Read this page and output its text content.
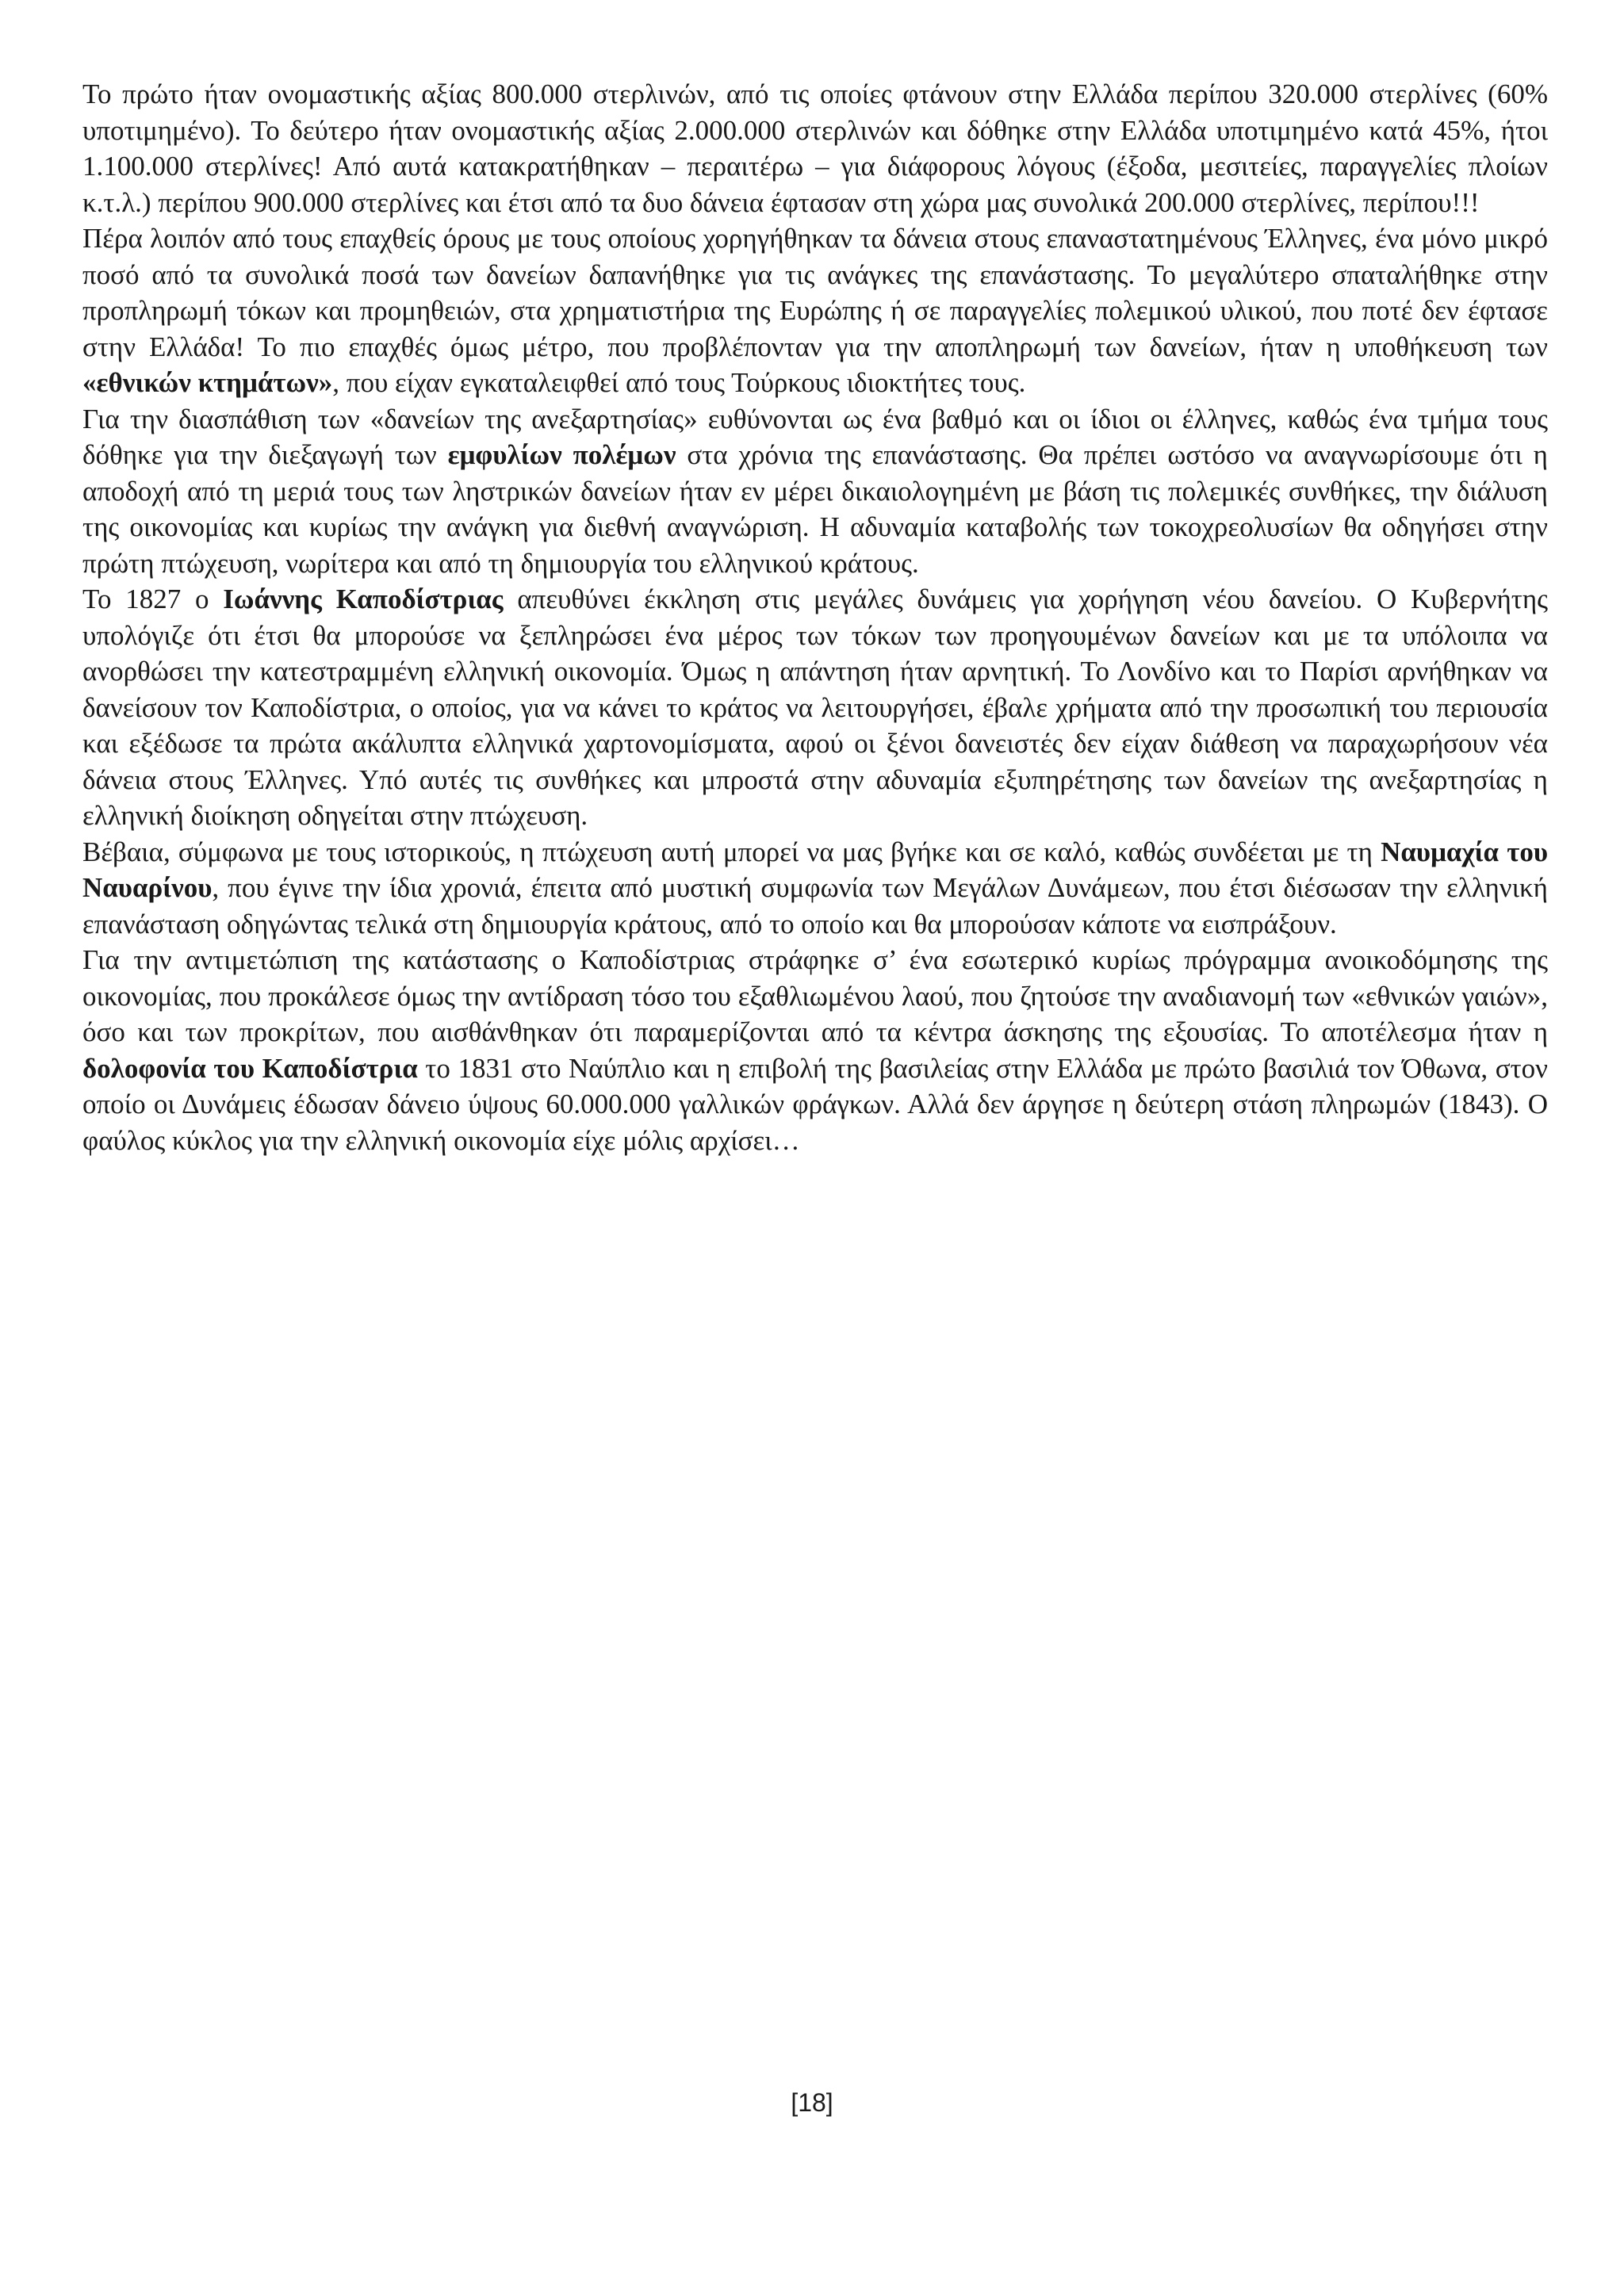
Το πρώτο ήταν ονομαστικής αξίας 800.000 στερλινών, από τις οποίες φτάνουν στην Ελλάδα περίπου 320.000 στερλίνες (60% υποτιμημένο). Το δεύτερο ήταν ονομαστικής αξίας 2.000.000 στερλινών και δόθηκε στην Ελλάδα υποτιμημένο κατά 45%, ήτοι 1.100.000 στερλίνες! Από αυτά κατακρατήθηκαν – περαιτέρω – για διάφορους λόγους (έξοδα, μεσιτείες, παραγγελίες πλοίων κ.τ.λ.) περίπου 900.000 στερλίνες και έτσι από τα δυο δάνεια έφτασαν στη χώρα μας συνολικά 200.000 στερλίνες, περίπου!!!

Πέρα λοιπόν από τους επαχθείς όρους με τους οποίους χορηγήθηκαν τα δάνεια στους επαναστατημένους Έλληνες, ένα μόνο μικρό ποσό από τα συνολικά ποσά των δανείων δαπανήθηκε για τις ανάγκες της επανάστασης. Το μεγαλύτερο σπαταλήθηκε στην προπληρωμή τόκων και προμηθειών, στα χρηματιστήρια της Ευρώπης ή σε παραγγελίες πολεμικού υλικού, που ποτέ δεν έφτασε στην Ελλάδα! Το πιο επαχθές όμως μέτρο, που προβλέπονταν για την αποπληρωμή των δανείων, ήταν η υποθήκευση των «εθνικών κτημάτων», που είχαν εγκαταλειφθεί από τους Τούρκους ιδιοκτήτες τους.

Για την διασπάθιση των «δανείων της ανεξαρτησίας» ευθύνονται ως ένα βαθμό και οι ίδιοι οι έλληνες, καθώς ένα τμήμα τους δόθηκε για την διεξαγωγή των εμφυλίων πολέμων στα χρόνια της επανάστασης. Θα πρέπει ωστόσο να αναγνωρίσουμε ότι η αποδοχή από τη μεριά τους των ληστρικών δανείων ήταν εν μέρει δικαιολογημένη με βάση τις πολεμικές συνθήκες, την διάλυση της οικονομίας και κυρίως την ανάγκη για διεθνή αναγνώριση. Η αδυναμία καταβολής των τοκοχρεολυσίων θα οδηγήσει στην πρώτη πτώχευση, νωρίτερα και από τη δημιουργία του ελληνικού κράτους.

Το 1827 ο Ιωάννης Καποδίστριας απευθύνει έκκληση στις μεγάλες δυνάμεις για χορήγηση νέου δανείου. Ο Κυβερνήτης υπολόγιζε ότι έτσι θα μπορούσε να ξεπληρώσει ένα μέρος των τόκων των προηγουμένων δανείων και με τα υπόλοιπα να ανορθώσει την κατεστραμμένη ελληνική οικονομία. Όμως η απάντηση ήταν αρνητική. Το Λονδίνο και το Παρίσι αρνήθηκαν να δανείσουν τον Καποδίστρια, ο οποίος, για να κάνει το κράτος να λειτουργήσει, έβαλε χρήματα από την προσωπική του περιουσία και εξέδωσε τα πρώτα ακάλυπτα ελληνικά χαρτονομίσματα, αφού οι ξένοι δανειστές δεν είχαν διάθεση να παραχωρήσουν νέα δάνεια στους Έλληνες. Υπό αυτές τις συνθήκες και μπροστά στην αδυναμία εξυπηρέτησης των δανείων της ανεξαρτησίας η ελληνική διοίκηση οδηγείται στην πτώχευση.

Βέβαια, σύμφωνα με τους ιστορικούς, η πτώχευση αυτή μπορεί να μας βγήκε και σε καλό, καθώς συνδέεται με τη Ναυμαχία του Ναυαρίνου, που έγινε την ίδια χρονιά, έπειτα από μυστική συμφωνία των Μεγάλων Δυνάμεων, που έτσι διέσωσαν την ελληνική επανάσταση οδηγώντας τελικά στη δημιουργία κράτους, από το οποίο και θα μπορούσαν κάποτε να εισπράξουν.

Για την αντιμετώπιση της κατάστασης ο Καποδίστριας στράφηκε σ’ ένα εσωτερικό κυρίως πρόγραμμα ανοικοδόμησης της οικονομίας, που προκάλεσε όμως την αντίδραση τόσο του εξαθλιωμένου λαού, που ζητούσε την αναδιανομή των «εθνικών γαιών», όσο και των προκρίτων, που αισθάνθηκαν ότι παραμερίζονται από τα κέντρα άσκησης της εξουσίας. Το αποτέλεσμα ήταν η δολοφονία του Καποδίστρια το 1831 στο Ναύπλιο και η επιβολή της βασιλείας στην Ελλάδα με πρώτο βασιλιά τον Όθωνα, στον οποίο οι Δυνάμεις έδωσαν δάνειο ύψους 60.000.000 γαλλικών φράγκων. Αλλά δεν άργησε η δεύτερη στάση πληρωμών (1843). Ο φαύλος κύκλος για την ελληνική οικονομία είχε μόλις αρχίσει…

[18]
